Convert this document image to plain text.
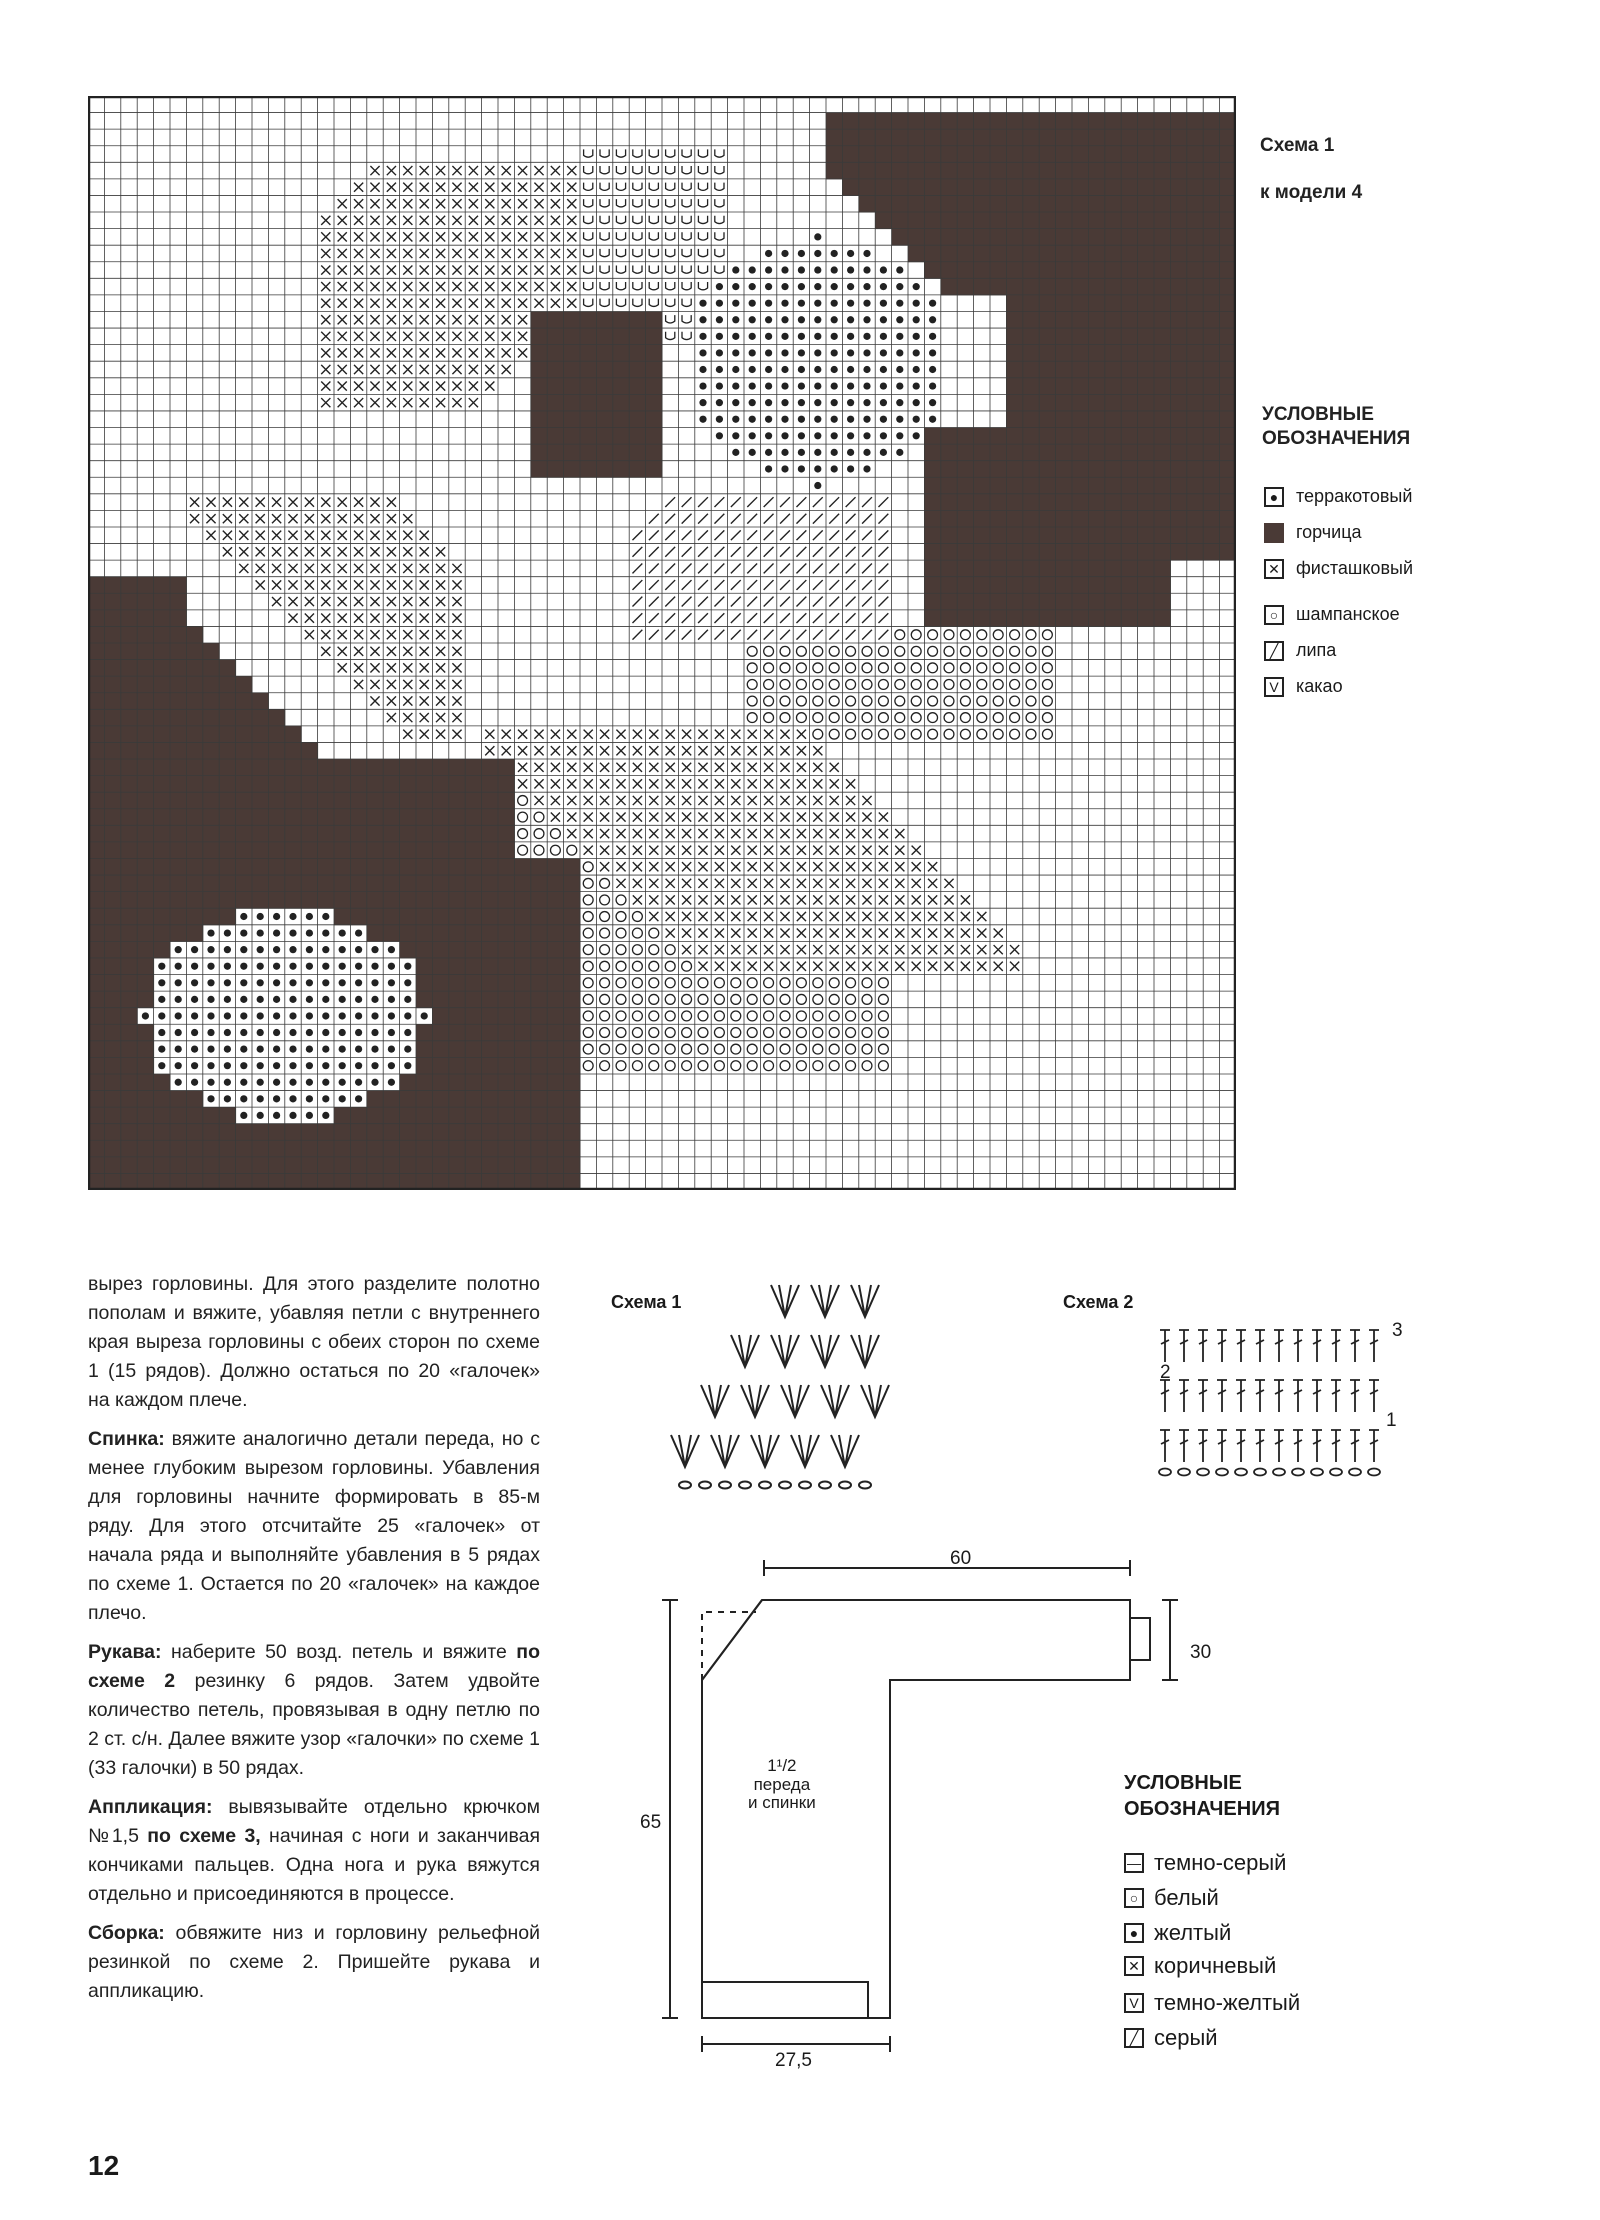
Схема 1

к модели 4

УСЛОВНЫЕ
ОБОЗНАЧЕНИЯ
● терракотовый
горчица
✕ фисташковый
○ шампанское
╱ липа
V какао

вырез горловины. Для этого разделите полотно пополам и вяжите, убавляя петли с внутреннего края выреза горловины с обеих сторон по схеме 1 (15 рядов). Должно остаться по 20 «галочек» на каждом плече.

Спинка: вяжите аналогично детали переда, но с менее глубоким вырезом горловины. Убавления для горловины начните формировать в 85-м ряду. Для этого отсчитайте 25 «галочек» от начала ряда и выполняйте убавления в 5 рядах по схеме 1. Остается по 20 «галочек» на каждое плечо.

Рукава: наберите 50 возд. петель и вяжите по схеме 2 резинку 6 рядов. Затем удвойте количество петель, провязывая в одну петлю по 2 ст. с/н. Далее вяжите узор «галочки» по схеме 1 (33 галочки) в 50 рядах.

Аппликация: вывязывайте отдельно крючком №1,5 по схеме 3, начиная с ноги и заканчивая кончиками пальцев. Одна нога и рука вяжутся отдельно и присоединяются в процессе.

Сборка: обвяжите низ и горловину рельефной резинкой по схеме 2. Пришейте рукава и аппликацию.

Схема 1	Схема 2
3
2
1
60
30
65
27,5
1¹/2
переда
и спинки
УСЛОВНЫЕ
ОБОЗНАЧЕНИЯ
— темно-серый
○ белый
● желтый
✕ коричневый
V темно-желтый
╱ серый
12
